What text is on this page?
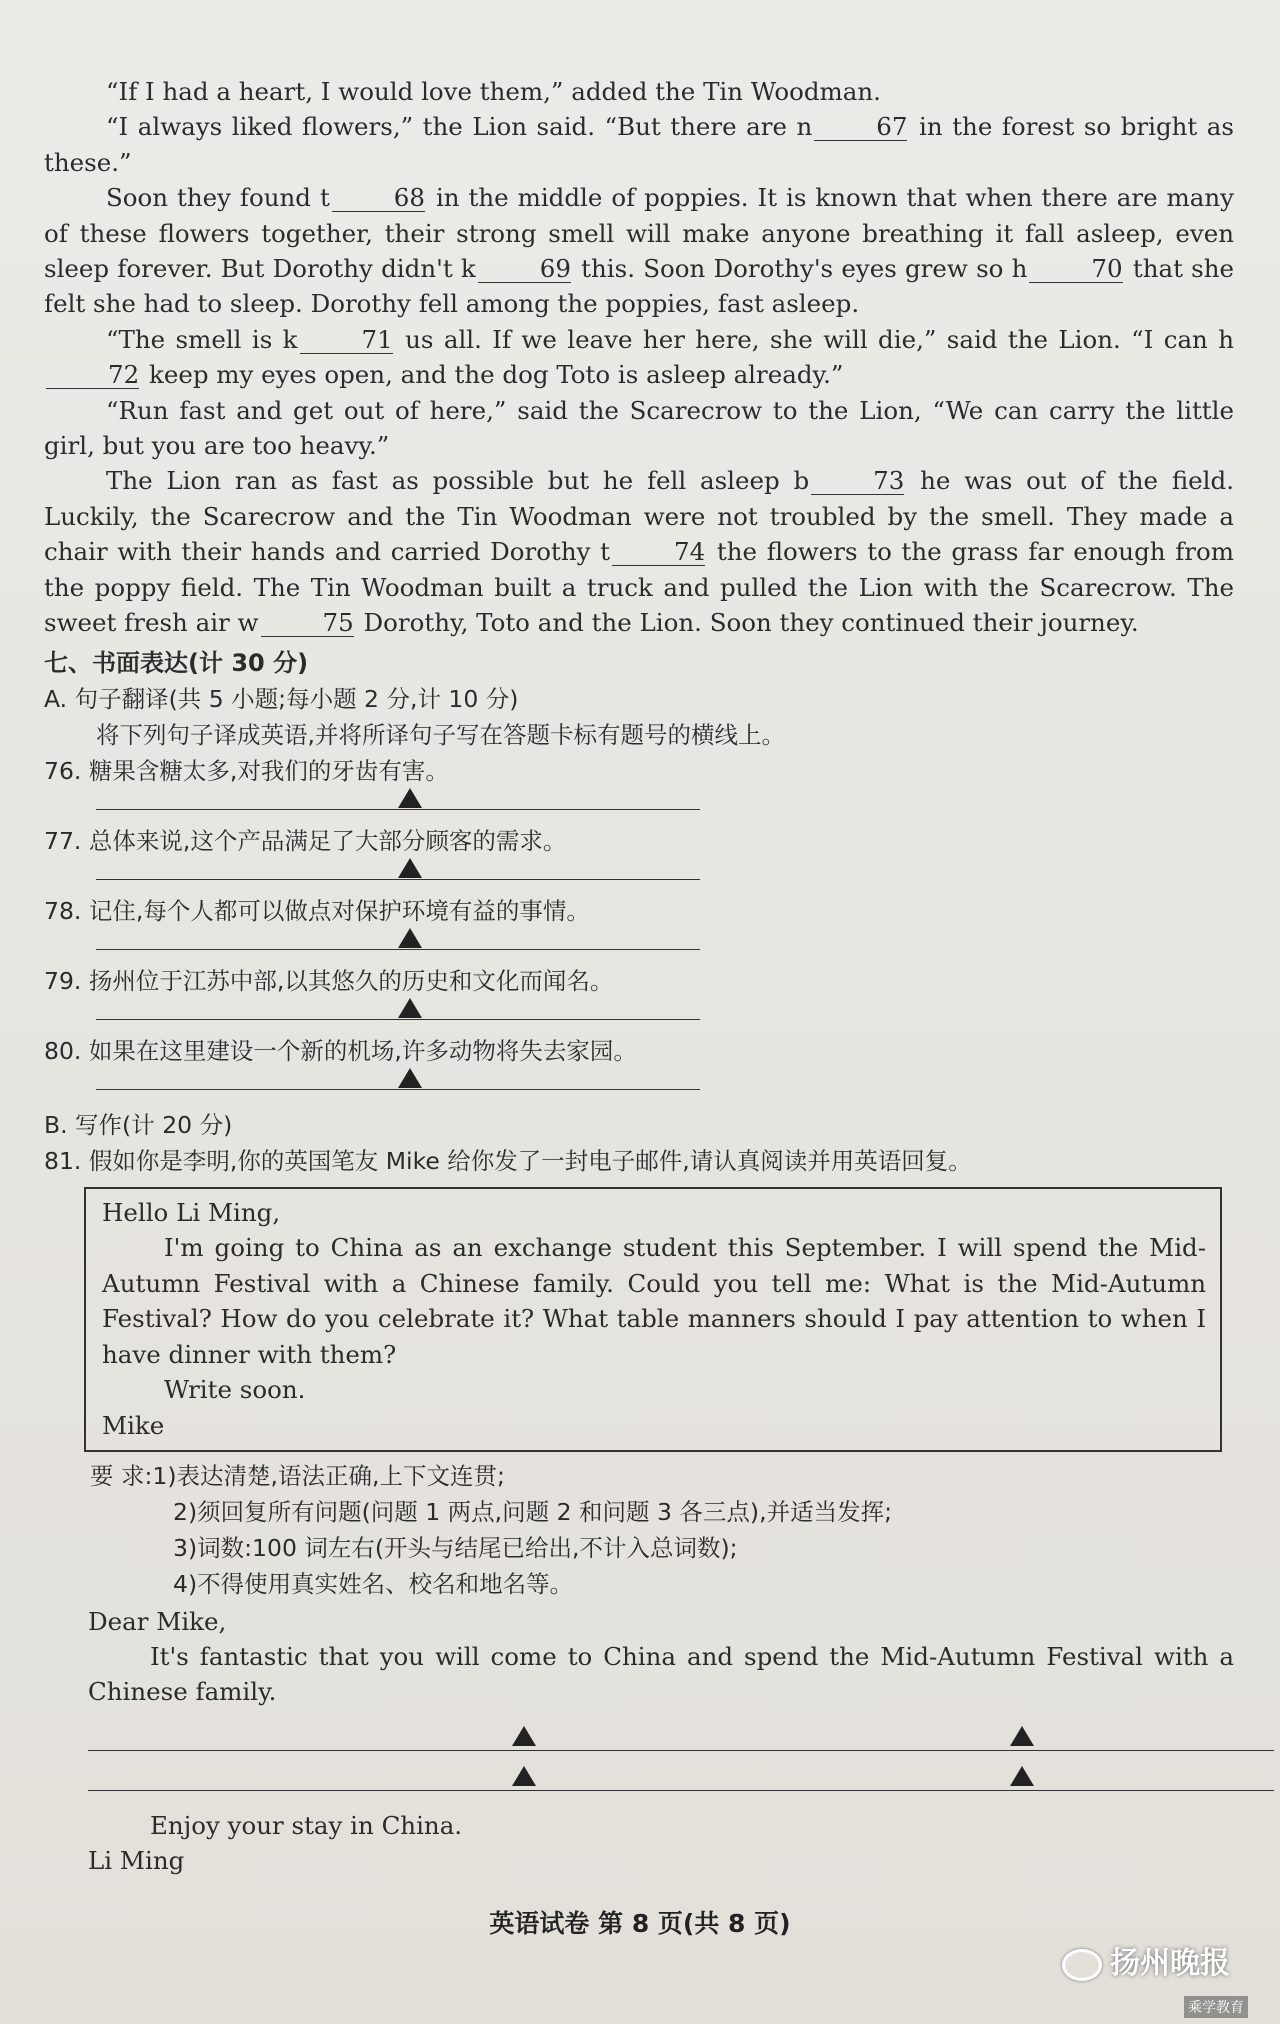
“If I had a heart, I would love them,” added the Tin Woodman.

“I always liked flowers,” the Lion said. “But there are n	67 in the forest so bright as these.”

Soon they found t	68 in the middle of poppies. It is known that when there are many of these flowers together, their strong smell will make anyone breathing it fall asleep, even sleep forever. But Dorothy didn't k	69 this. Soon Dorothy's eyes grew so h	70 that she felt she had to sleep. Dorothy fell among the poppies, fast asleep.

“The smell is k	71 us all. If we leave her here, she will die,” said the Lion. “I can h72 keep my eyes open, and the dog Toto is asleep already.”

“Run fast and get out of here,” said the Scarecrow to the Lion, “We can carry the little girl, but you are too heavy.”

The Lion ran as fast as possible but he fell asleep b	73 he was out of the field. Luckily, the Scarecrow and the Tin Woodman were not troubled by the smell. They made a chair with their hands and carried Dorothy t	74 the flowers to the grass far enough from the poppy field. The Tin Woodman built a truck and pulled the Lion with the Scarecrow. The sweet fresh air w	75 Dorothy, Toto and the Lion. Soon they continued their journey.

七、书面表达(计 30 分)
A. 句子翻译(共 5 小题;每小题 2 分,计 10 分)
将下列句子译成英语,并将所译句子写在答题卡标有题号的横线上。
76. 糖果含糖太多,对我们的牙齿有害。
77. 总体来说,这个产品满足了大部分顾客的需求。
78. 记住,每个人都可以做点对保护环境有益的事情。
79. 扬州位于江苏中部,以其悠久的历史和文化而闻名。
80. 如果在这里建设一个新的机场,许多动物将失去家园。
B. 写作(计 20 分)
81. 假如你是李明,你的英国笔友 Mike 给你发了一封电子邮件,请认真阅读并用英语回复。

Hello Li Ming,

I'm going to China as an exchange student this September. I will spend the Mid-Autumn Festival with a Chinese family. Could you tell me: What is the Mid-Autumn Festival? How do you celebrate it? What table manners should I pay attention to when I have dinner with them?

Write soon.

Mike

要 求:1)表达清楚,语法正确,上下文连贯;
2)须回复所有问题(问题 1 两点,问题 2 和问题 3 各三点),并适当发挥;
3)词数:100 词左右(开头与结尾已给出,不计入总词数);
4)不得使用真实姓名、校名和地名等。

Dear Mike,

It's fantastic that you will come to China and spend the Mid-Autumn Festival with a Chinese family.

Enjoy your stay in China.

Li Ming

英语试卷 第 8 页(共 8 页)
扬州晚报
乘学教育
